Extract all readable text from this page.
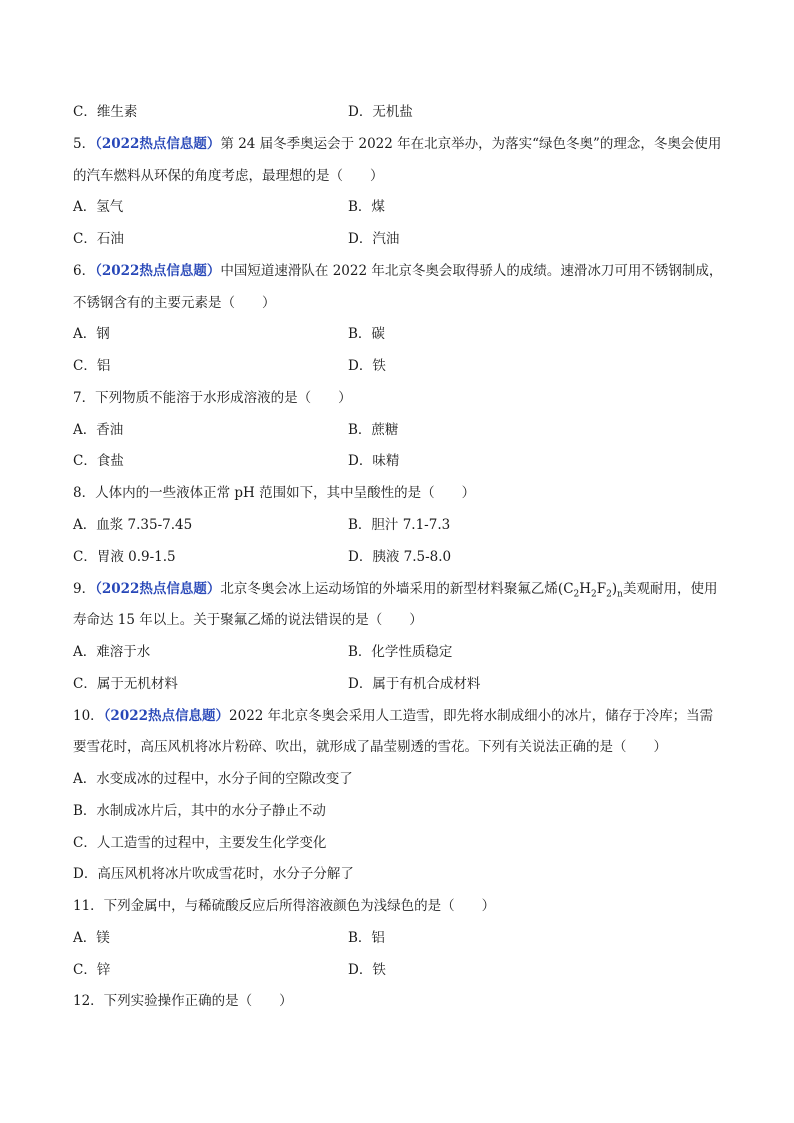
C．维生素	D．无机盐
5．（2022热点信息题）第 24 届冬季奥运会于 2022 年在北京举办，为落实“绿色冬奥”的理念，冬奥会使用
的汽车燃料从环保的角度考虑，最理想的是（　　）
A．氢气	B．煤
C．石油	D．汽油
6．（2022热点信息题）中国短道速滑队在 2022 年北京冬奥会取得骄人的成绩。速滑冰刀可用不锈钢制成，
不锈钢含有的主要元素是（　　）
A．钢	B．碳
C．铝	D．铁
7．下列物质不能溶于水形成溶液的是（　　）
A．香油	B．蔗糖
C．食盐	D．味精
8．人体内的一些液体正常 pH 范围如下，其中呈酸性的是（　　）
A．血浆 7.35-7.45	B．胆汁 7.1-7.3
C．胃液 0.9-1.5	D．胰液 7.5-8.0
9．（2022热点信息题）北京冬奥会冰上运动场馆的外墙采用的新型材料聚氟乙烯$(C_2H_2F_2)_n$美观耐用，使用
寿命达 15 年以上。关于聚氟乙烯的说法错误的是（　　）
A．难溶于水	B．化学性质稳定
C．属于无机材料	D．属于有机合成材料
10．（2022热点信息题）2022 年北京冬奥会采用人工造雪，即先将水制成细小的冰片，储存于冷库；当需
要雪花时，高压风机将冰片粉碎、吹出，就形成了晶莹剔透的雪花。下列有关说法正确的是（　　）
A．水变成冰的过程中，水分子间的空隙改变了
B．水制成冰片后，其中的水分子静止不动
C．人工造雪的过程中，主要发生化学变化
D．高压风机将冰片吹成雪花时，水分子分解了
11．下列金属中，与稀硫酸反应后所得溶液颜色为浅绿色的是（　　）
A．镁	B．铝
C．锌	D．铁
12．下列实验操作正确的是（　　）
